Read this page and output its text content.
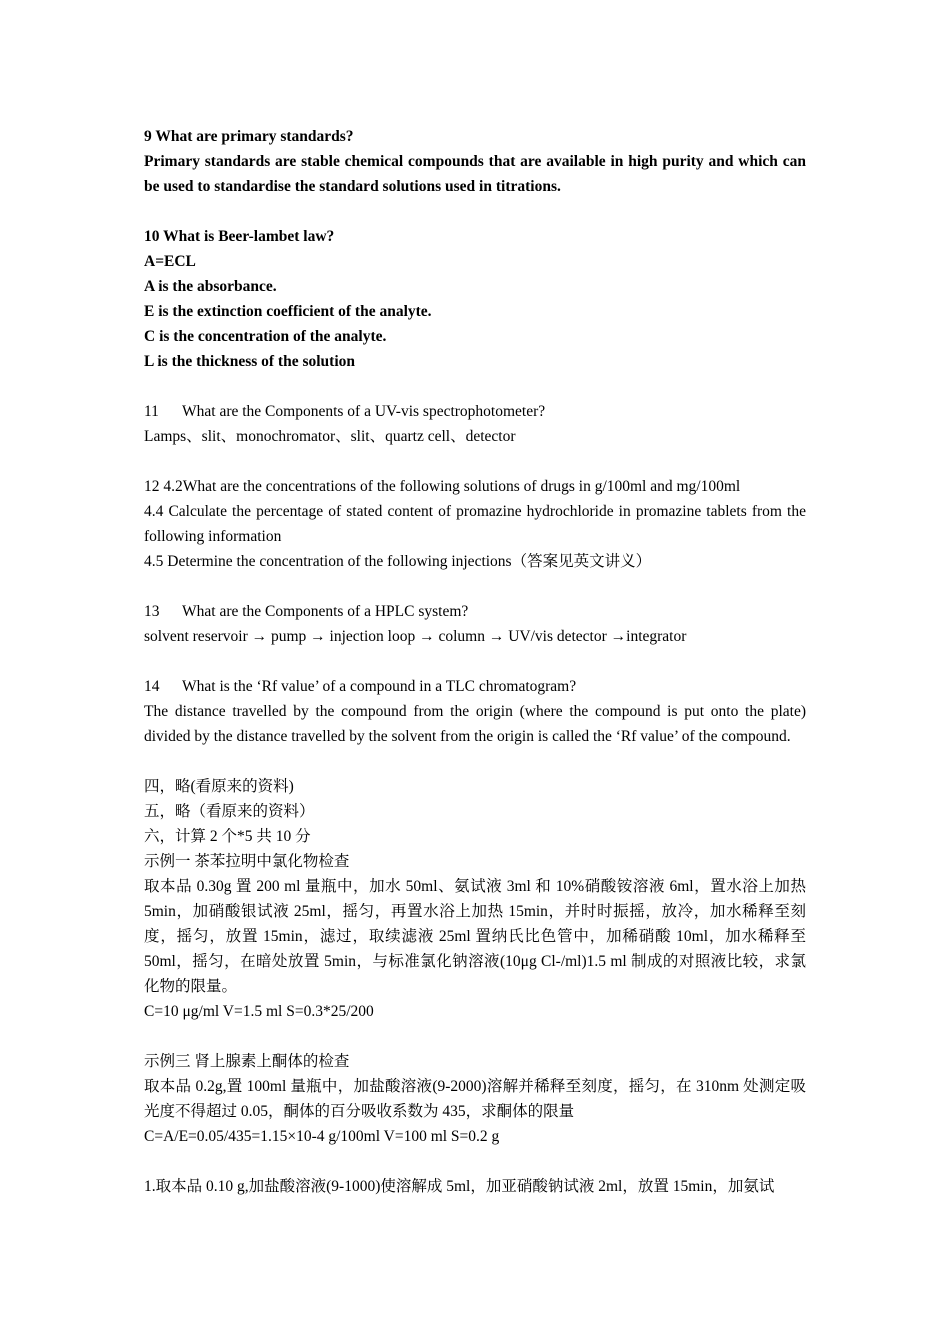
9 What are primary standards?
Primary standards are stable chemical compounds that are available in high purity and which can be used to standardise the standard solutions used in titrations.
10 What is Beer-lambet law?
A=ECL
A is the absorbance.
E is the extinction coefficient of the analyte.
C is the concentration of the analyte.
L is the thickness of the solution
11 What are the Components of a UV-vis spectrophotometer?
Lamps、slit、monochromator、slit、quartz cell、detector
12 4.2What are the concentrations of the following solutions of drugs in g/100ml and mg/100ml
4.4 Calculate the percentage of stated content of promazine hydrochloride in promazine tablets from the following information
4.5 Determine the concentration of the following injections（答案见英文讲义）
13 What are the Components of a HPLC system?
solvent reservoir → pump → injection loop → column → UV/vis detector →integrator
14 What is the ‘Rf value’ of a compound in a TLC chromatogram?
The distance travelled by the compound from the origin (where the compound is put onto the plate) divided by the distance travelled by the solvent from the origin is called the ‘Rf value’ of the compound.
四，略(看原来的资料)
五，略（看原来的资料）
六，计算 2 个*5 共 10 分
示例一 茶苯拉明中氯化物检查
取本品 0.30g 置 200 ml 量瓶中，加水 50ml、氨试液 3ml 和 10%硝酸铵溶液 6ml，置水浴上加热 5min，加硝酸银试液 25ml，摇匀，再置水浴上加热 15min，并时时振摇，放冷，加水稀释至刻度，摇匀，放置 15min，滤过，取续滤液 25ml 置纳氏比色管中，加稀硝酸 10ml，加水稀释至 50ml，摇匀，在暗处放置 5min，与标准氯化钠溶液(10μg Cl-/ml)1.5 ml 制成的对照液比较，求氯化物的限量。
C=10 μg/ml V=1.5 ml S=0.3*25/200
示例三 肾上腺素上酮体的检查
取本品 0.2g,置 100ml 量瓶中，加盐酸溶液(9-2000)溶解并稀释至刻度，摇匀，在 310nm 处测定吸光度不得超过 0.05，酮体的百分吸收系数为 435，求酮体的限量
C=A/E=0.05/435=1.15×10-4 g/100ml V=100 ml S=0.2 g
1.取本品 0.10 g,加盐酸溶液(9-1000)使溶解成 5ml，加亚硝酸钠试液 2ml，放置 15min，加氨试
